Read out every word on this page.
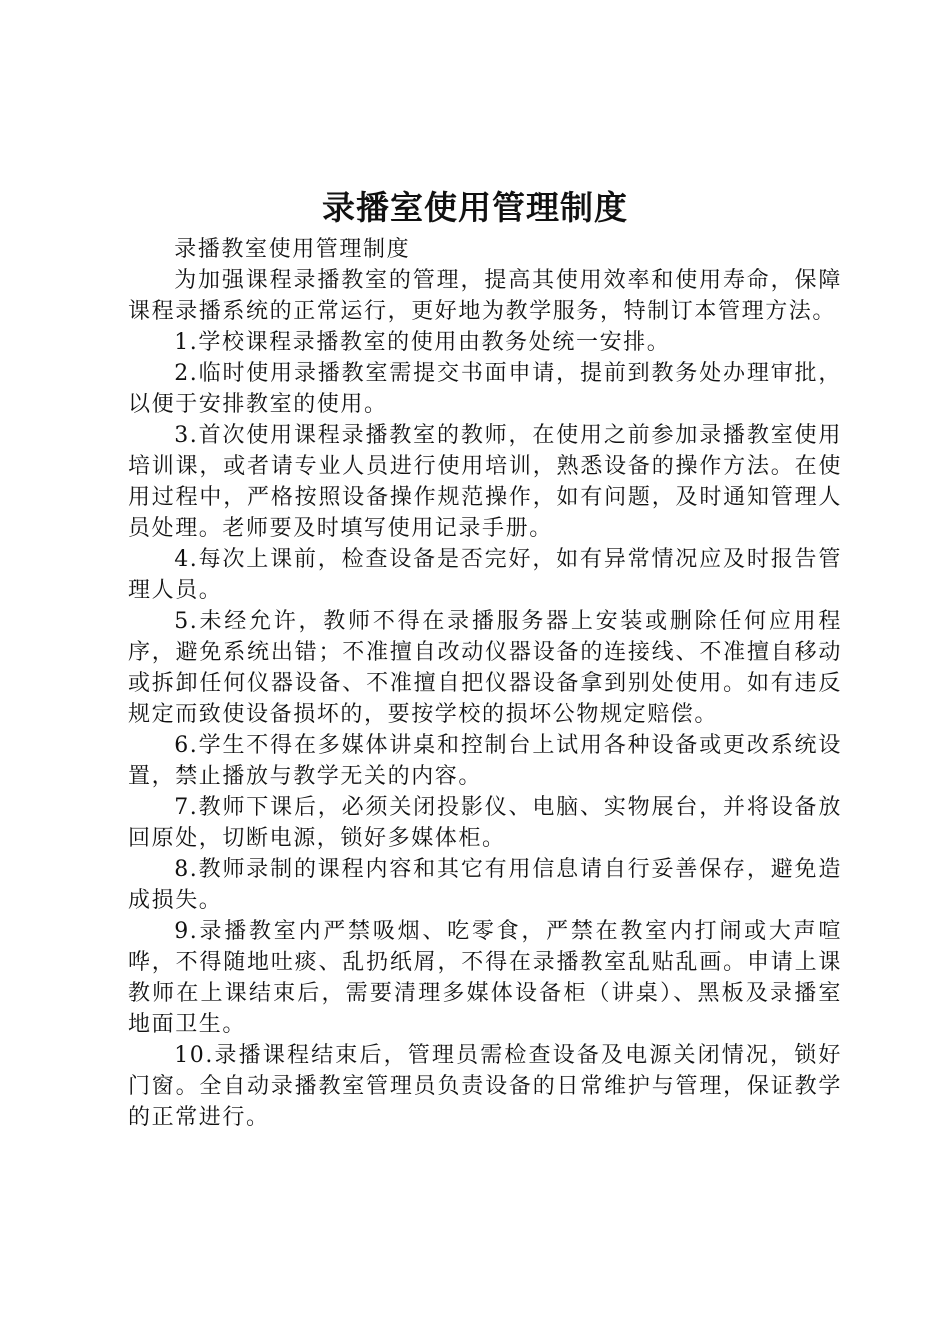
录播室使用管理制度

录播教室使用管理制度

为加强课程录播教室的管理，提高其使用效率和使用寿命，保障课程录播系统的正常运行，更好地为教学服务，特制订本管理方法。

1.学校课程录播教室的使用由教务处统一安排。

2.临时使用录播教室需提交书面申请，提前到教务处办理审批，以便于安排教室的使用。

3.首次使用课程录播教室的教师，在使用之前参加录播教室使用培训课，或者请专业人员进行使用培训，熟悉设备的操作方法。在使用过程中，严格按照设备操作规范操作，如有问题，及时通知管理人员处理。老师要及时填写使用记录手册。

4.每次上课前，检查设备是否完好，如有异常情况应及时报告管理人员。

5.未经允许，教师不得在录播服务器上安装或删除任何应用程序，避免系统出错；不准擅自改动仪器设备的连接线、不准擅自移动或拆卸任何仪器设备、不准擅自把仪器设备拿到别处使用。如有违反规定而致使设备损坏的，要按学校的损坏公物规定赔偿。

6.学生不得在多媒体讲桌和控制台上试用各种设备或更改系统设置，禁止播放与教学无关的内容。

7.教师下课后，必须关闭投影仪、电脑、实物展台，并将设备放回原处，切断电源，锁好多媒体柜。

8.教师录制的课程内容和其它有用信息请自行妥善保存，避免造成损失。

9.录播教室内严禁吸烟、吃零食，严禁在教室内打闹或大声喧哗，不得随地吐痰、乱扔纸屑，不得在录播教室乱贴乱画。申请上课教师在上课结束后，需要清理多媒体设备柜（讲桌）、黑板及录播室地面卫生。

10.录播课程结束后，管理员需检查设备及电源关闭情况，锁好门窗。全自动录播教室管理员负责设备的日常维护与管理，保证教学的正常进行。
